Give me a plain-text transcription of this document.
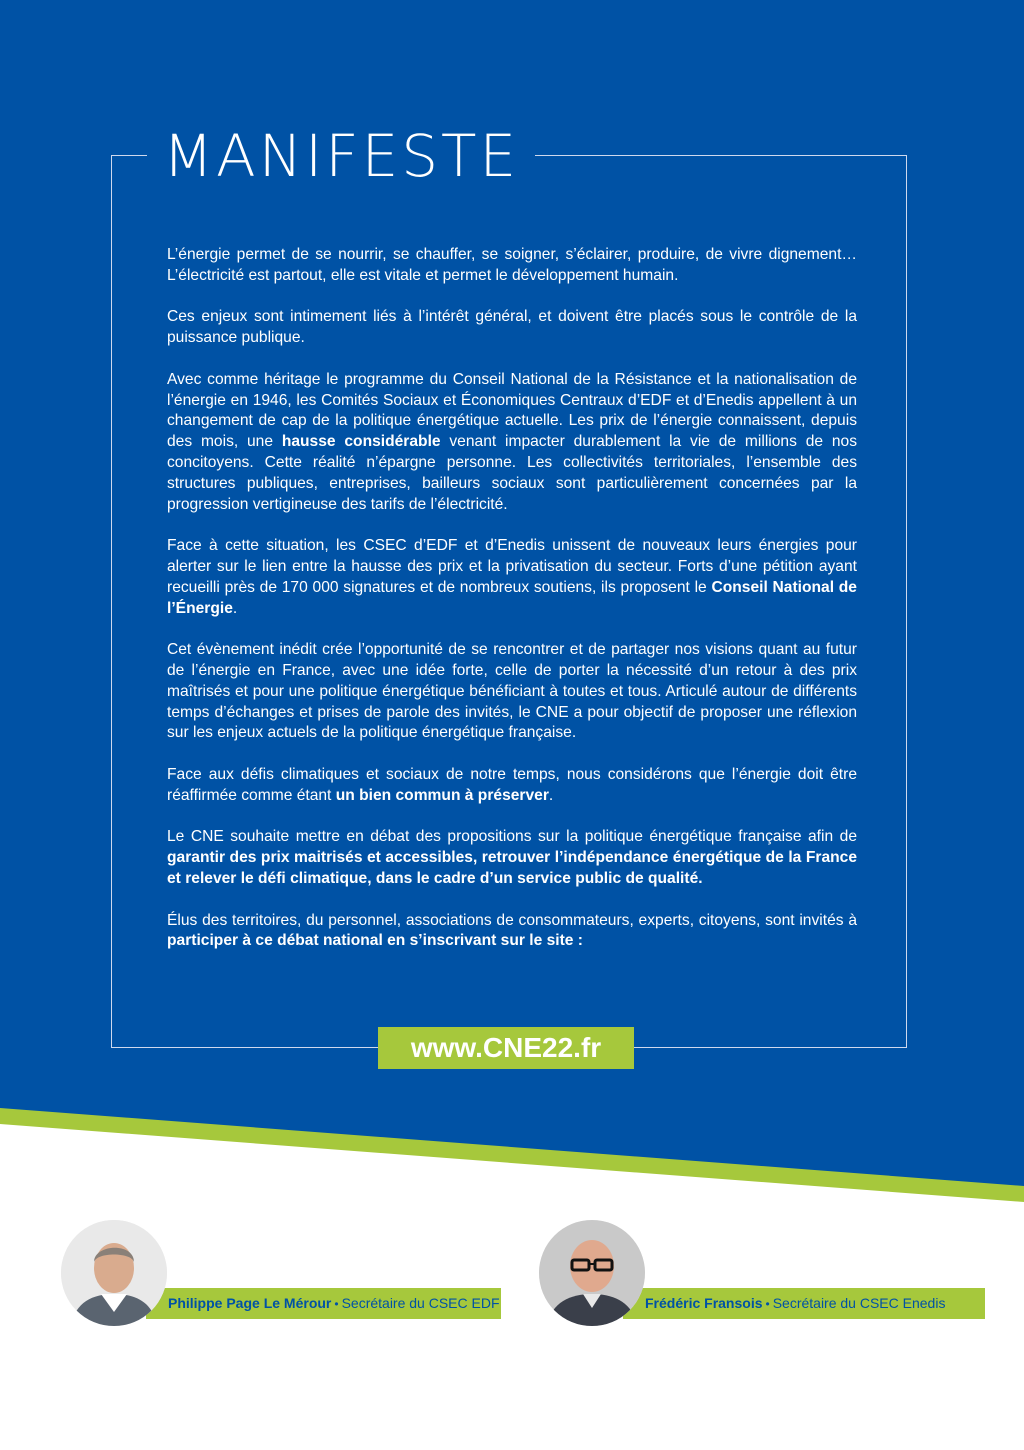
MANIFESTE

L’énergie permet de se nourrir, se chauffer, se soigner, s’éclairer, produire, de vivre dignement… L’électricité est partout, elle est vitale et permet le développement humain.

Ces enjeux sont intimement liés à l’intérêt général, et doivent être placés sous le contrôle de la puissance publique.

Avec comme héritage le programme du Conseil National de la Résistance et la nationalisation de l’énergie en 1946, les Comités Sociaux et Économiques Centraux d’EDF et d’Enedis appellent à un changement de cap de la politique énergétique actuelle. Les prix de l’énergie connaissent, depuis des mois, une hausse considérable venant impacter durablement la vie de millions de nos concitoyens. Cette réalité n’épargne personne. Les collectivités territoriales, l’ensemble des structures publiques, entreprises, bailleurs sociaux sont particulièrement concernées par la progression vertigineuse des tarifs de l’électricité.

Face à cette situation, les CSEC d’EDF et d’Enedis unissent de nouveaux leurs énergies pour alerter sur le lien entre la hausse des prix et la privatisation du secteur. Forts d’une pétition ayant recueilli près de 170 000 signatures et de nombreux soutiens, ils proposent le Conseil National de l’Énergie.

Cet évènement inédit crée l’opportunité de se rencontrer et de partager nos visions quant au futur de l’énergie en France, avec une idée forte, celle de porter la nécessité d’un retour à des prix maîtrisés et pour une politique énergétique bénéficiant à toutes et tous. Articulé autour de différents temps d’échanges et prises de parole des invités, le CNE a pour objectif de proposer une réflexion sur les enjeux actuels de la politique énergétique française.

Face aux défis climatiques et sociaux de notre temps, nous considérons que l’énergie doit être réaffirmée comme étant un bien commun à préserver.

Le CNE souhaite mettre en débat des propositions sur la politique énergétique française afin de garantir des prix maitrisés et accessibles, retrouver l’indépendance énergétique de la France et relever le défi climatique, dans le cadre d’un service public de qualité.

Élus des territoires, du personnel, associations de consommateurs, experts, citoyens, sont invités à participer à ce débat national en s’inscrivant sur le site :

www.CNE22.fr
Philippe Page Le Mérour • Secrétaire du CSEC EDF	Frédéric Fransois • Secrétaire du CSEC Enedis
